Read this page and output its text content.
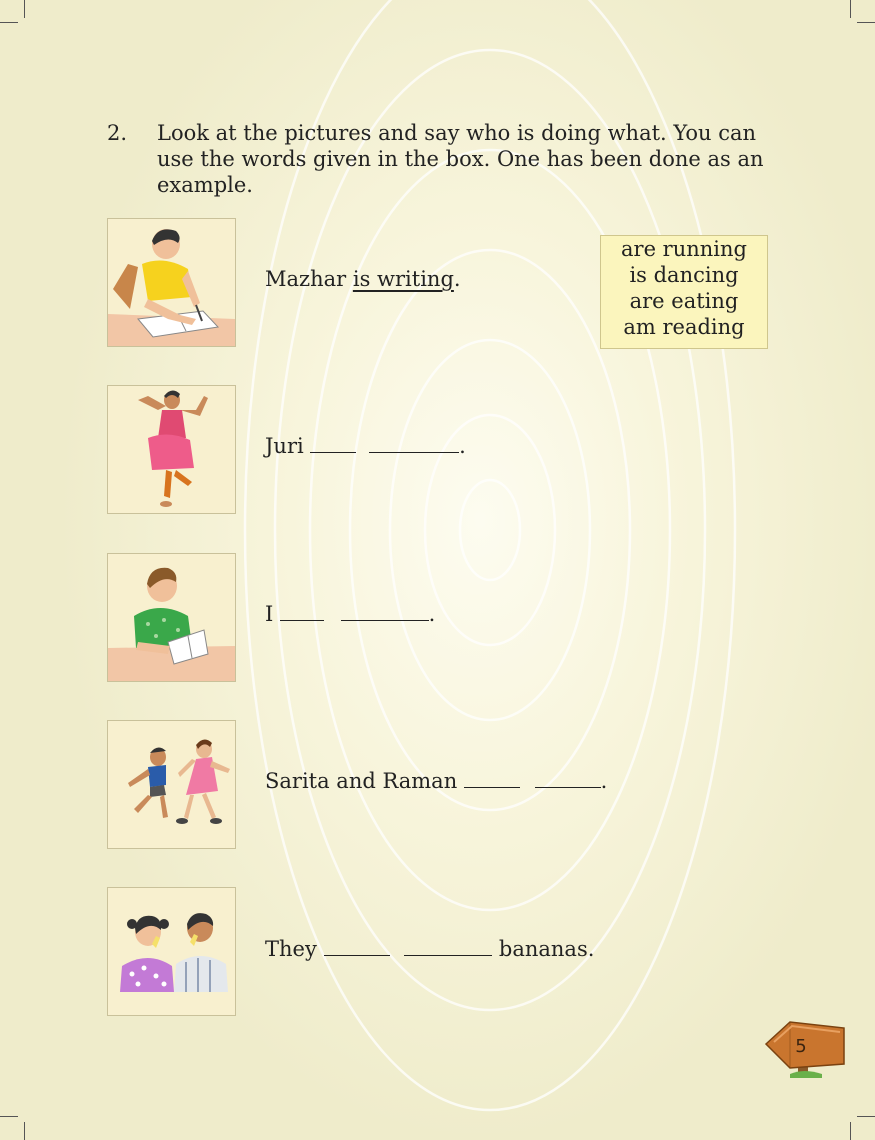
2. Look at the pictures and say who is doing what. You can use the words given in the box. One has been done as an example.
are running
is dancing
are eating
am reading
Mazhar is writing.
Juri	.
I	.
Sarita and Raman	.
They	bananas.
5
